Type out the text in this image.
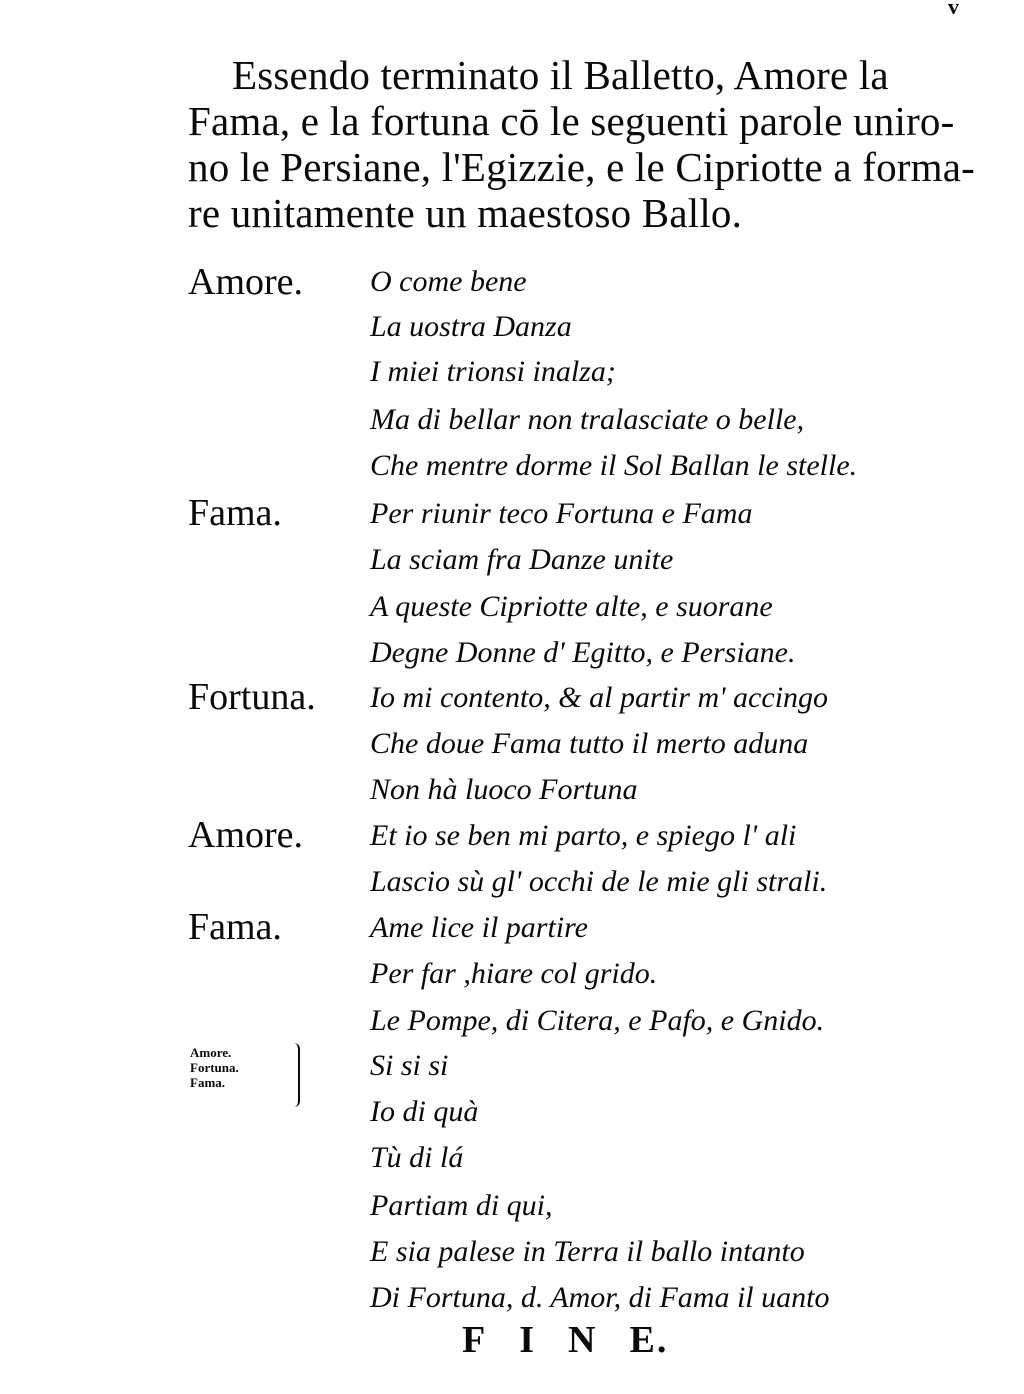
v
Essendo terminato il Balletto, Amore la
Fama, e la fortuna cō le seguenti parole uniro-
no le Persiane, l'Egizzie, e le Cipriotte a forma-
re unitamente un maestoso Ballo.
Amore. O come bene
La uostra Danza
I miei trionsi inalza;
Ma di bellar non tralasciate o belle,
Che mentre dorme il Sol Ballan le stelle.
Fama.	Per riunir teco Fortuna e Fama
La sciam fra Danze unite
A queste Cipriotte alte, e suorane
Degne Donne d' Egitto, e Persiane.
Fortuna. Io mi contento, & al partir m' accingo
Che doue Fama tutto il merto aduna
Non hà luoco Fortuna
Amore. Et io se ben mi parto, e spiego l' ali
Lascio sù gl' occhi de le mie gli strali.
Fama.	Ame lice il partire
Per far ,hiare col grido.
Le Pompe, di Citera, e Pafo, e Gnido.
Amore.
Fortuna.
Fama.
Si si si
Io di quà
Tù di lá
Partiam di qui,
E sia palese in Terra il ballo intanto
Di Fortuna, d. Amor, di Fama il uanto
F I N E.
